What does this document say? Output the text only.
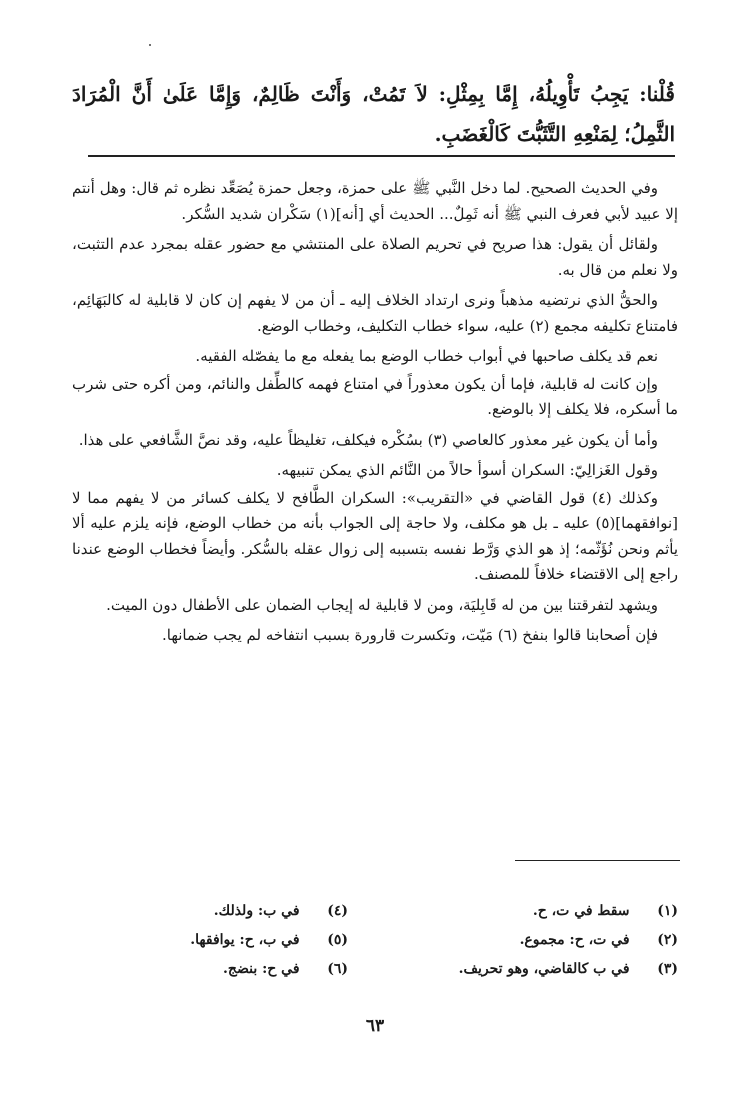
قُلْنا: يَجِبُ تَأْوِيلُهُ، إِمَّا بِمِثْلِ: لاَ تَمُتْ، وَأَنْتَ ظَالِمٌ، وَإِمَّا عَلَىٰ أَنَّ الْمُرَادَ الثَّمِلُ؛ لِمَنْعِهِ التَّثَبُّتَ كَالْغَضَبِ.

وفي الحديث الصحيح. لما دخل النَّبي ﷺ على حمزة، وجعل حمزة يُصَعِّد نظره ثم قال: وهل أنتم إلا عبيد لأبي فعرف النبي ﷺ أنه ثَمِلٌ... الحديث أي [أنه](١) سَكْران شديد السُّكر.

ولقائل أن يقول: هذا صريح في تحريم الصلاة على المنتشي مع حضور عقله بمجرد عدم التثبت، ولا نعلم من قال به.

والحقُّ الذي نرتضيه مذهباً ونرى ارتداد الخلاف إليه ـ أن من لا يفهم إن كان لا قابلية له كالبَهَائِم، فامتناع تكليفه مجمع (٢) عليه، سواء خطاب التكليف، وخطاب الوضع.

نعم قد يكلف صاحبها في أبواب خطاب الوضع بما يفعله مع ما يفصّله الفقيه.

وإن كانت له قابلية، فإما أن يكون معذوراً في امتناع فهمه كالطِّفل والنائم، ومن أكره حتى شرب ما أسكره، فلا يكلف إلا بالوضع.

وأما أن يكون غير معذور كالعاصي (٣) بسُكْره فيكلف، تغليظاً عليه، وقد نصَّ الشَّافعي على هذا.

وقول الغَزالِيّ: السكران أسوأ حالاً من النَّائم الذي يمكن تنبيهه.

وكذلك (٤) قول القاضي في «التقريب»: السكران الطَّافح لا يكلف كسائر من لا يفهم مما لا [نوافقهما](٥) عليه ـ بل هو مكلف، ولا حاجة إلى الجواب بأنه من خطاب الوضع، فإنه يلزم عليه ألا يأثم ونحن نُؤَثّمه؛ إذ هو الذي وَرَّط نفسه بتسببه إلى زوال عقله بالسُّكر. وأيضاً فخطاب الوضع عندنا راجع إلى الاقتضاء خلافاً للمصنف.

ويشهد لتفرقتنا بين من له قَابِليَة، ومن لا قابلية له إيجاب الضمان على الأطفال دون الميت.

فإن أصحابنا قالوا بنفخ (٦) مَيّت، وتكسرت قارورة بسبب انتفاخه لم يجب ضمانها.

(١) سقط في ت، ح.
(٢) في ت، ح: مجموع.
(٣) في ب كالقاضي، وهو تحريف.
(٤) في ب: ولذلك.
(٥) في ب، ح: يوافقها.
(٦) في ح: بنضج.
٦٣
